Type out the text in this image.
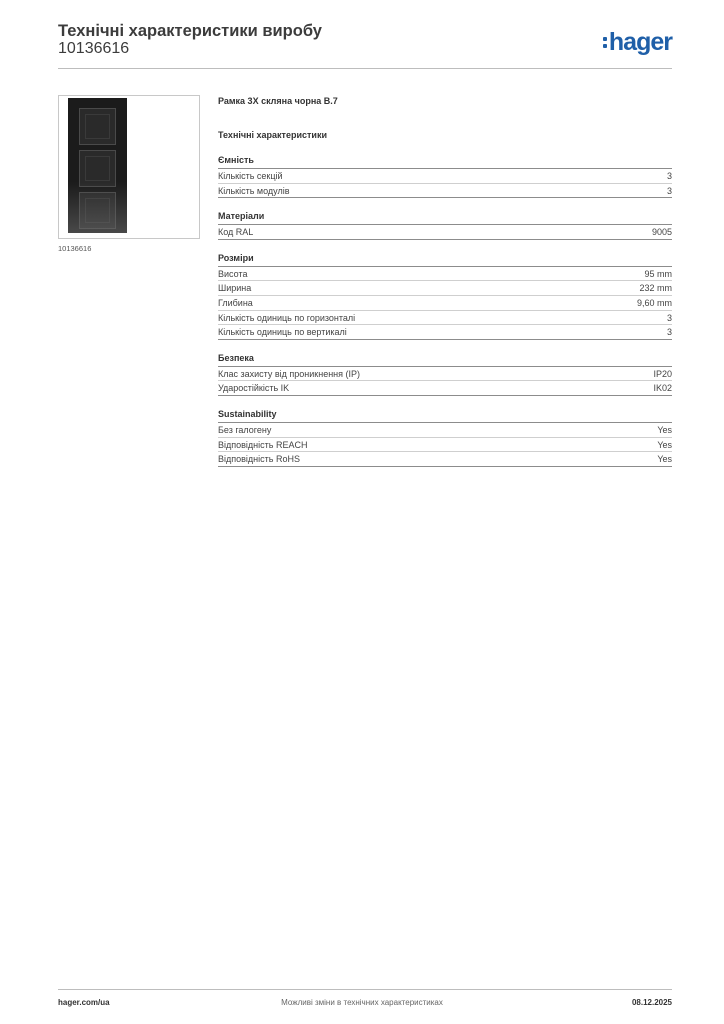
Технічні характеристики виробу
10136616	hager
10136616
Рамка 3X скляна чорна B.7
Технічні характеристики
Ємність
Кількість секцій	3
Кількість модулів	3
Матеріали
Код RAL	9005
Розміри
Висота	95 mm
Ширина	232 mm
Глибина	9,60 mm
Кількість одиниць по горизонталі	3
Кількість одиниць по вертикалі	3
Безпека
Клас захисту від проникнення (IP)	IP20
Ударостійкість IK	IK02
Sustainability
Без галогену	Yes
Відповідність REACH	Yes
Відповідність RoHS	Yes
hager.com/ua	Можливі зміни в технічних характеристиках	08.12.2025
